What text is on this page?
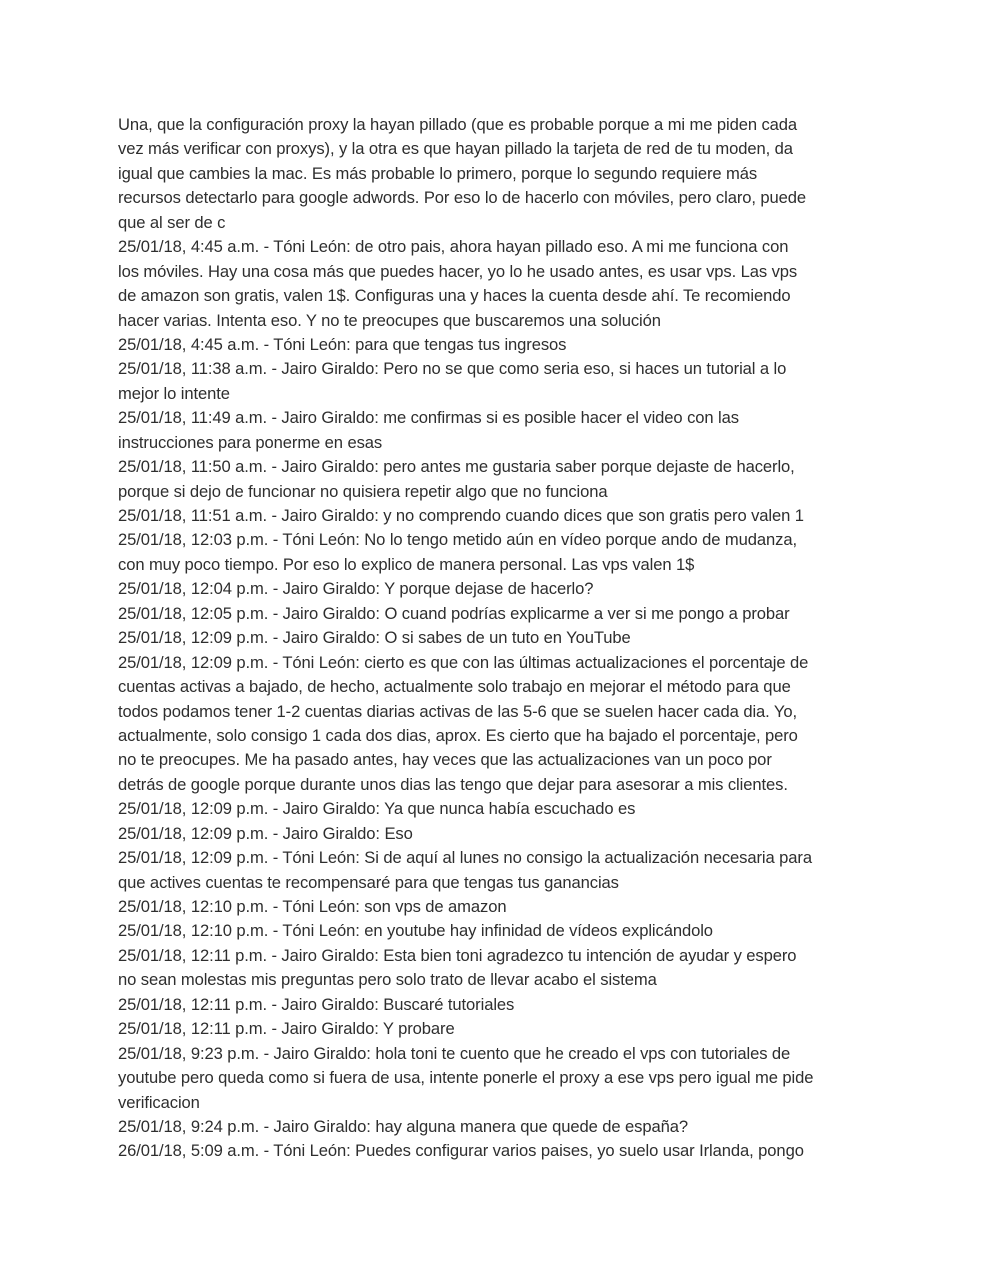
Una, que la configuración proxy la hayan pillado (que es probable porque a mi me piden cada
vez más verificar con proxys), y la otra es que hayan pillado la tarjeta de red de tu moden, da
igual que cambies la mac. Es más probable lo primero, porque lo segundo requiere más
recursos detectarlo para google adwords. Por eso lo de hacerlo con móviles, pero claro, puede
que al ser de c
25/01/18, 4:45 a.m. - Tóni León: de otro pais, ahora hayan pillado eso. A mi me funciona con
los móviles. Hay una cosa más que puedes hacer, yo lo he usado antes, es usar vps. Las vps
de amazon son gratis, valen 1$. Configuras una y haces la cuenta desde ahí. Te recomiendo
hacer varias. Intenta eso. Y no te preocupes que buscaremos una solución
25/01/18, 4:45 a.m. - Tóni León: para que tengas tus ingresos
25/01/18, 11:38 a.m. - Jairo Giraldo: Pero no se que como seria eso, si haces un tutorial a lo
mejor lo intente
25/01/18, 11:49 a.m. - Jairo Giraldo: me confirmas si es posible hacer el video con las
instrucciones para ponerme en esas
25/01/18, 11:50 a.m. - Jairo Giraldo: pero antes me gustaria saber porque dejaste de hacerlo,
porque si dejo de funcionar no quisiera repetir algo que no funciona
25/01/18, 11:51 a.m. - Jairo Giraldo: y no comprendo cuando dices que son gratis pero valen 1
25/01/18, 12:03 p.m. - Tóni León: No lo tengo metido aún en vídeo porque ando de mudanza,
con muy poco tiempo. Por eso lo explico de manera personal. Las vps valen 1$
25/01/18, 12:04 p.m. - Jairo Giraldo: Y porque dejase de hacerlo?
25/01/18, 12:05 p.m. - Jairo Giraldo: O cuand podrías explicarme a ver si me pongo a probar
25/01/18, 12:09 p.m. - Jairo Giraldo: O si sabes de un tuto en YouTube
25/01/18, 12:09 p.m. - Tóni León: cierto es que con las últimas actualizaciones el porcentaje de
cuentas activas a bajado, de hecho, actualmente solo trabajo en mejorar el método para que
todos podamos tener 1-2 cuentas diarias activas de las 5-6 que se suelen hacer cada dia. Yo,
actualmente, solo consigo 1 cada dos dias, aprox. Es cierto que ha bajado el porcentaje, pero
no te preocupes. Me ha pasado antes, hay veces que las actualizaciones van un poco por
detrás de google porque durante unos dias las tengo que dejar para asesorar a mis clientes.
25/01/18, 12:09 p.m. - Jairo Giraldo: Ya que nunca había escuchado es
25/01/18, 12:09 p.m. - Jairo Giraldo: Eso
25/01/18, 12:09 p.m. - Tóni León: Si de aquí al lunes no consigo la actualización necesaria para
que actives cuentas te recompensaré para que tengas tus ganancias
25/01/18, 12:10 p.m. - Tóni León: son vps de amazon
25/01/18, 12:10 p.m. - Tóni León: en youtube hay infinidad de vídeos explicándolo
25/01/18, 12:11 p.m. - Jairo Giraldo: Esta bien toni agradezco tu intención de ayudar y espero
no sean molestas mis preguntas pero solo trato de llevar acabo el sistema
25/01/18, 12:11 p.m. - Jairo Giraldo: Buscaré tutoriales
25/01/18, 12:11 p.m. - Jairo Giraldo: Y probare
25/01/18, 9:23 p.m. - Jairo Giraldo: hola toni te cuento que he creado el vps con tutoriales de
youtube pero queda como si fuera de usa, intente ponerle el proxy a ese vps pero igual me pide
verificacion
25/01/18, 9:24 p.m. - Jairo Giraldo: hay alguna manera que quede de españa?
26/01/18, 5:09 a.m. - Tóni León: Puedes configurar varios paises, yo suelo usar Irlanda, pongo
